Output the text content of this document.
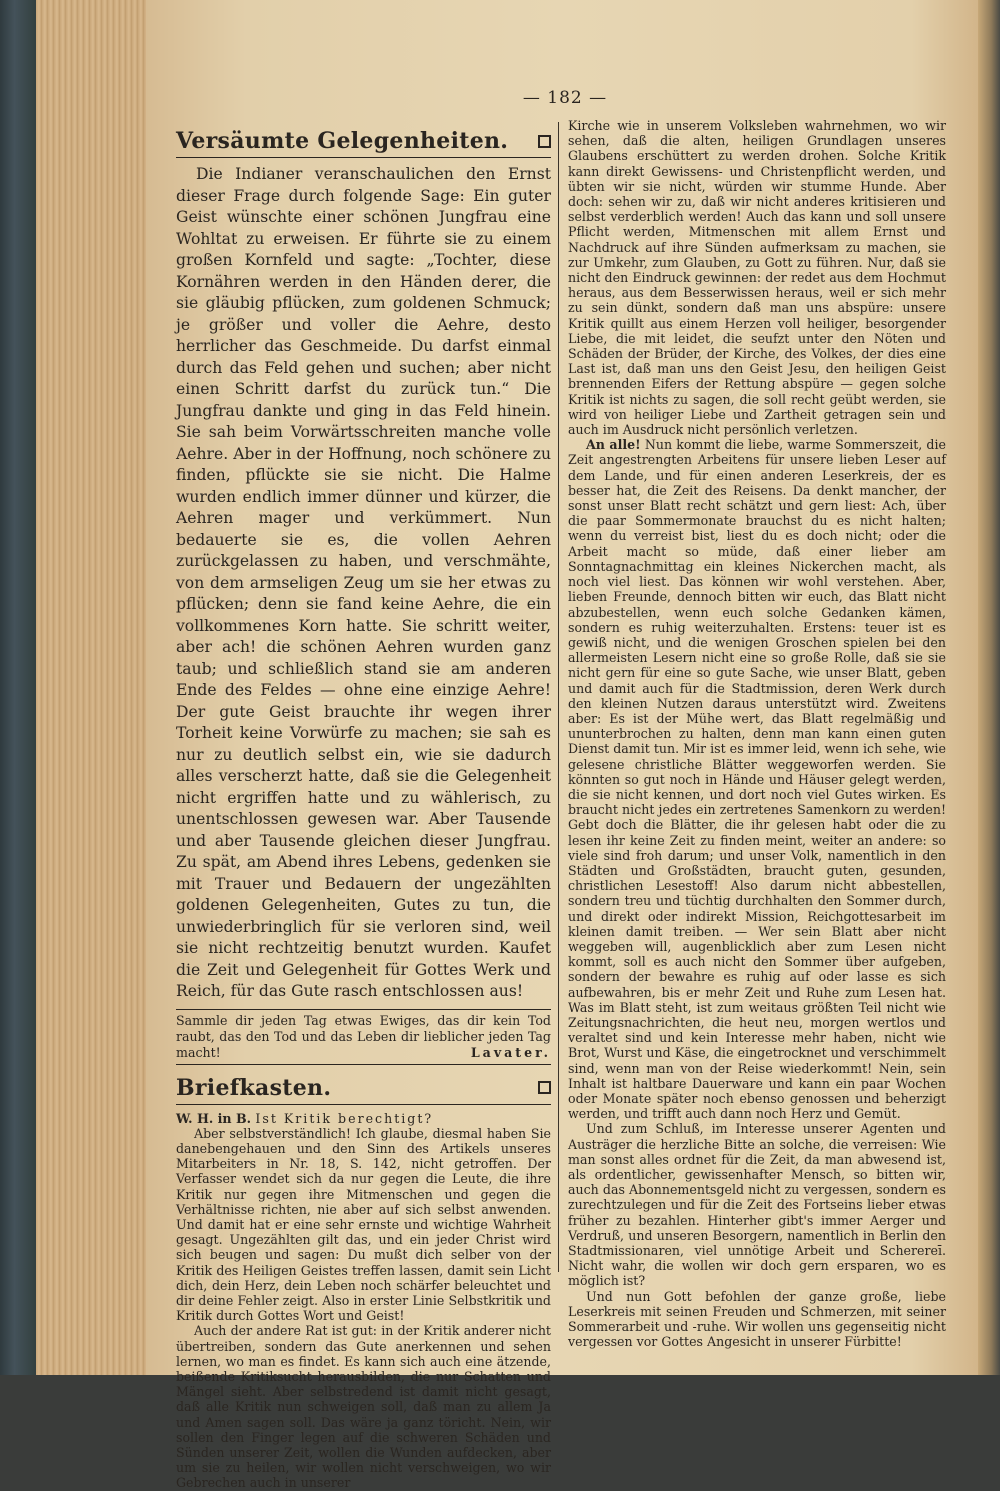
— 182 —
Versäumte Gelegenheiten.

Die Indianer veranschaulichen den Ernst dieser Frage durch folgende Sage: Ein guter Geist wünschte einer schönen Jungfrau eine Wohltat zu erweisen. Er führte sie zu einem großen Kornfeld und sagte: „Tochter, diese Kornähren werden in den Händen derer, die sie gläubig pflücken, zum goldenen Schmuck; je größer und voller die Aehre, desto herrlicher das Geschmeide. Du darfst einmal durch das Feld gehen und suchen; aber nicht einen Schritt darfst du zurück tun.“ Die Jungfrau dankte und ging in das Feld hinein. Sie sah beim Vorwärtsschreiten manche volle Aehre. Aber in der Hoffnung, noch schönere zu finden, pflückte sie sie nicht. Die Halme wurden endlich immer dünner und kürzer, die Aehren mager und verkümmert. Nun bedauerte sie es, die vollen Aehren zurückgelassen zu haben, und verschmähte, von dem armseligen Zeug um sie her etwas zu pflücken; denn sie fand keine Aehre, die ein vollkommenes Korn hatte. Sie schritt weiter, aber ach! die schönen Aehren wurden ganz taub; und schließlich stand sie am anderen Ende des Feldes — ohne eine einzige Aehre! Der gute Geist brauchte ihr wegen ihrer Torheit keine Vorwürfe zu machen; sie sah es nur zu deutlich selbst ein, wie sie dadurch alles verscherzt hatte, daß sie die Gelegenheit nicht ergriffen hatte und zu wählerisch, zu unentschlossen gewesen war. Aber Tausende und aber Tausende gleichen dieser Jungfrau. Zu spät, am Abend ihres Lebens, gedenken sie mit Trauer und Bedauern der ungezählten goldenen Gelegenheiten, Gutes zu tun, die unwiederbringlich für sie verloren sind, weil sie nicht rechtzeitig benutzt wurden. Kaufet die Zeit und Gelegenheit für Gottes Werk und Reich, für das Gute rasch entschlossen aus!

Sammle dir jeden Tag etwas Ewiges, das dir kein Tod raubt, das den Tod und das Leben dir lieblicher jeden Tag macht!	Lavater.
Briefkasten.

W. H. in B. Ist Kritik berechtigt?

Aber selbstverständlich! Ich glaube, diesmal haben Sie danebengehauen und den Sinn des Artikels unseres Mitarbeiters in Nr. 18, S. 142, nicht getroffen. Der Verfasser wendet sich da nur gegen die Leute, die ihre Kritik nur gegen ihre Mitmenschen und gegen die Verhältnisse richten, nie aber auf sich selbst anwenden. Und damit hat er eine sehr ernste und wichtige Wahrheit gesagt. Ungezählten gilt das, und ein jeder Christ wird sich beugen und sagen: Du mußt dich selber von der Kritik des Heiligen Geistes treffen lassen, damit sein Licht dich, dein Herz, dein Leben noch schärfer beleuchtet und dir deine Fehler zeigt. Also in erster Linie Selbstkritik und Kritik durch Gottes Wort und Geist!

Auch der andere Rat ist gut: in der Kritik anderer nicht übertreiben, sondern das Gute anerkennen und sehen lernen, wo man es findet. Es kann sich auch eine ätzende, beißende Kritiksucht herausbilden, die nur Schatten und Mängel sieht. Aber selbstredend ist damit nicht gesagt, daß alle Kritik nun schweigen soll, daß man zu allem Ja und Amen sagen soll. Das wäre ja ganz töricht. Nein, wir sollen den Finger legen auf die schweren Schäden und Sünden unserer Zeit, wollen die Wunden aufdecken, aber um sie zu heilen, wir wollen nicht verschweigen, wo wir Gebrechen auch in unserer

Kirche wie in unserem Volksleben wahrnehmen, wo wir sehen, daß die alten, heiligen Grundlagen unseres Glaubens erschüttert zu werden drohen. Solche Kritik kann direkt Gewissens- und Christenpflicht werden, und übten wir sie nicht, würden wir stumme Hunde. Aber doch: sehen wir zu, daß wir nicht anderes kritisieren und selbst verderblich werden! Auch das kann und soll unsere Pflicht werden, Mitmenschen mit allem Ernst und Nachdruck auf ihre Sünden aufmerksam zu machen, sie zur Umkehr, zum Glauben, zu Gott zu führen. Nur, daß sie nicht den Eindruck gewinnen: der redet aus dem Hochmut heraus, aus dem Besserwissen heraus, weil er sich mehr zu sein dünkt, sondern daß man uns abspüre: unsere Kritik quillt aus einem Herzen voll heiliger, besorgender Liebe, die mit leidet, die seufzt unter den Nöten und Schäden der Brüder, der Kirche, des Volkes, der dies eine Last ist, daß man uns den Geist Jesu, den heiligen Geist brennenden Eifers der Rettung abspüre — gegen solche Kritik ist nichts zu sagen, die soll recht geübt werden, sie wird von heiliger Liebe und Zartheit getragen sein und auch im Ausdruck nicht persönlich verletzen.

An alle! Nun kommt die liebe, warme Sommerszeit, die Zeit angestrengten Arbeitens für unsere lieben Leser auf dem Lande, und für einen anderen Leserkreis, der es besser hat, die Zeit des Reisens. Da denkt mancher, der sonst unser Blatt recht schätzt und gern liest: Ach, über die paar Sommermonate brauchst du es nicht halten; wenn du verreist bist, liest du es doch nicht; oder die Arbeit macht so müde, daß einer lieber am Sonntagnachmittag ein kleines Nickerchen macht, als noch viel liest. Das können wir wohl verstehen. Aber, lieben Freunde, dennoch bitten wir euch, das Blatt nicht abzubestellen, wenn euch solche Gedanken kämen, sondern es ruhig weiterzuhalten. Erstens: teuer ist es gewiß nicht, und die wenigen Groschen spielen bei den allermeisten Lesern nicht eine so große Rolle, daß sie sie nicht gern für eine so gute Sache, wie unser Blatt, geben und damit auch für die Stadtmission, deren Werk durch den kleinen Nutzen daraus unterstützt wird. Zweitens aber: Es ist der Mühe wert, das Blatt regelmäßig und ununterbrochen zu halten, denn man kann einen guten Dienst damit tun. Mir ist es immer leid, wenn ich sehe, wie gelesene christliche Blätter weggeworfen werden. Sie könnten so gut noch in Hände und Häuser gelegt werden, die sie nicht kennen, und dort noch viel Gutes wirken. Es braucht nicht jedes ein zertretenes Samenkorn zu werden! Gebt doch die Blätter, die ihr gelesen habt oder die zu lesen ihr keine Zeit zu finden meint, weiter an andere: so viele sind froh darum; und unser Volk, namentlich in den Städten und Großstädten, braucht guten, gesunden, christlichen Lesestoff! Also darum nicht abbestellen, sondern treu und tüchtig durchhalten den Sommer durch, und direkt oder indirekt Mission, Reichgottesarbeit im kleinen damit treiben. — Wer sein Blatt aber nicht weggeben will, augenblicklich aber zum Lesen nicht kommt, soll es auch nicht den Sommer über aufgeben, sondern der bewahre es ruhig auf oder lasse es sich aufbewahren, bis er mehr Zeit und Ruhe zum Lesen hat. Was im Blatt steht, ist zum weitaus größten Teil nicht wie Zeitungsnachrichten, die heut neu, morgen wertlos und veraltet sind und kein Interesse mehr haben, nicht wie Brot, Wurst und Käse, die eingetrocknet und verschimmelt sind, wenn man von der Reise wiederkommt! Nein, sein Inhalt ist haltbare Dauerware und kann ein paar Wochen oder Monate später noch ebenso genossen und beherzigt werden, und trifft auch dann noch Herz und Gemüt.

Und zum Schluß, im Interesse unserer Agenten und Austräger die herzliche Bitte an solche, die verreisen: Wie man sonst alles ordnet für die Zeit, da man abwesend ist, als ordentlicher, gewissenhafter Mensch, so bitten wir, auch das Abonnementsgeld nicht zu vergessen, sondern es zurechtzulegen und für die Zeit des Fortseins lieber etwas früher zu bezahlen. Hinterher gibt's immer Aerger und Verdruß, und unseren Besorgern, namentlich in Berlin den Stadtmissionaren, viel unnötige Arbeit und Scherereī. Nicht wahr, die wollen wir doch gern ersparen, wo es möglich ist?

Und nun Gott befohlen der ganze große, liebe Leserkreis mit seinen Freuden und Schmerzen, mit seiner Sommerarbeit und -ruhe. Wir wollen uns gegenseitig nicht vergessen vor Gottes Angesicht in unserer Fürbitte!
